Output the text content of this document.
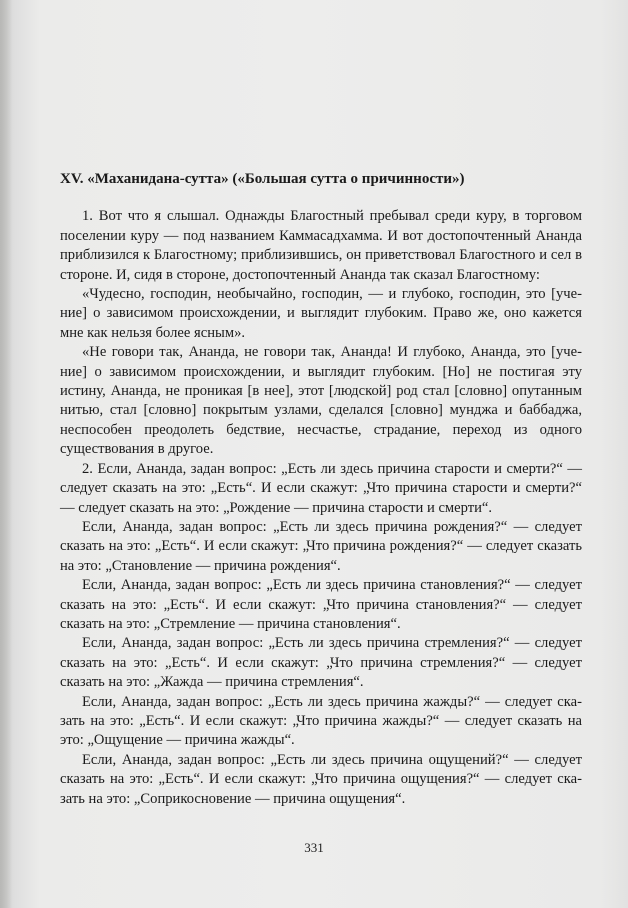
XV. «Маханидана-сутта» («Большая сутта о причинности»)

1. Вот что я слышал. Однажды Благостный пребывал среди куру, в торговом поселении куру — под названием Каммасадхамма. И вот достопочтенный Ананда приблизился к Благостному; приблизившись, он приветствовал Благостного и сел в стороне. И, сидя в стороне, достопочтенный Ананда так сказал Благостному:

«Чудесно, господин, необычайно, господин, — и глубоко, господин, это [учение] о зависимом происхождении, и выглядит глубоким. Право же, оно кажется мне как нельзя более ясным».

«Не говори так, Ананда, не говори так, Ананда! И глубоко, Ананда, это [учение] о зависимом происхождении, и выглядит глубоким. [Но] не постигая эту истину, Ананда, не проникая [в нее], этот [людской] род стал [словно] опутанным нитью, стал [словно] покрытым узлами, сделался [словно] мунджа и баббаджа, неспособен преодолеть бедствие, несчастье, страдание, переход из одного существования в другое.

2. Если, Ананда, задан вопрос: „Есть ли здесь причина старости и смерти?“ — следует сказать на это: „Есть“. И если скажут: „Что причина старости и смерти?“ — следует сказать на это: „Рождение — причина старости и смерти“.

Если, Ананда, задан вопрос: „Есть ли здесь причина рождения?“ — следует сказать на это: „Есть“. И если скажут: „Что причина рождения?“ — следует сказать на это: „Становление — причина рождения“.

Если, Ананда, задан вопрос: „Есть ли здесь причина становления?“ — следует сказать на это: „Есть“. И если скажут: „Что причина становления?“ — следует сказать на это: „Стремление — причина становления“.

Если, Ананда, задан вопрос: „Есть ли здесь причина стремления?“ — следует сказать на это: „Есть“. И если скажут: „Что причина стремления?“ — следует сказать на это: „Жажда — причина стремления“.

Если, Ананда, задан вопрос: „Есть ли здесь причина жажды?“ — следует сказать на это: „Есть“. И если скажут: „Что причина жажды?“ — следует сказать на это: „Ощущение — причина жажды“.

Если, Ананда, задан вопрос: „Есть ли здесь причина ощущений?“ — следует сказать на это: „Есть“. И если скажут: „Что причина ощущения?“ — следует сказать на это: „Соприкосновение — причина ощущения“.

331
